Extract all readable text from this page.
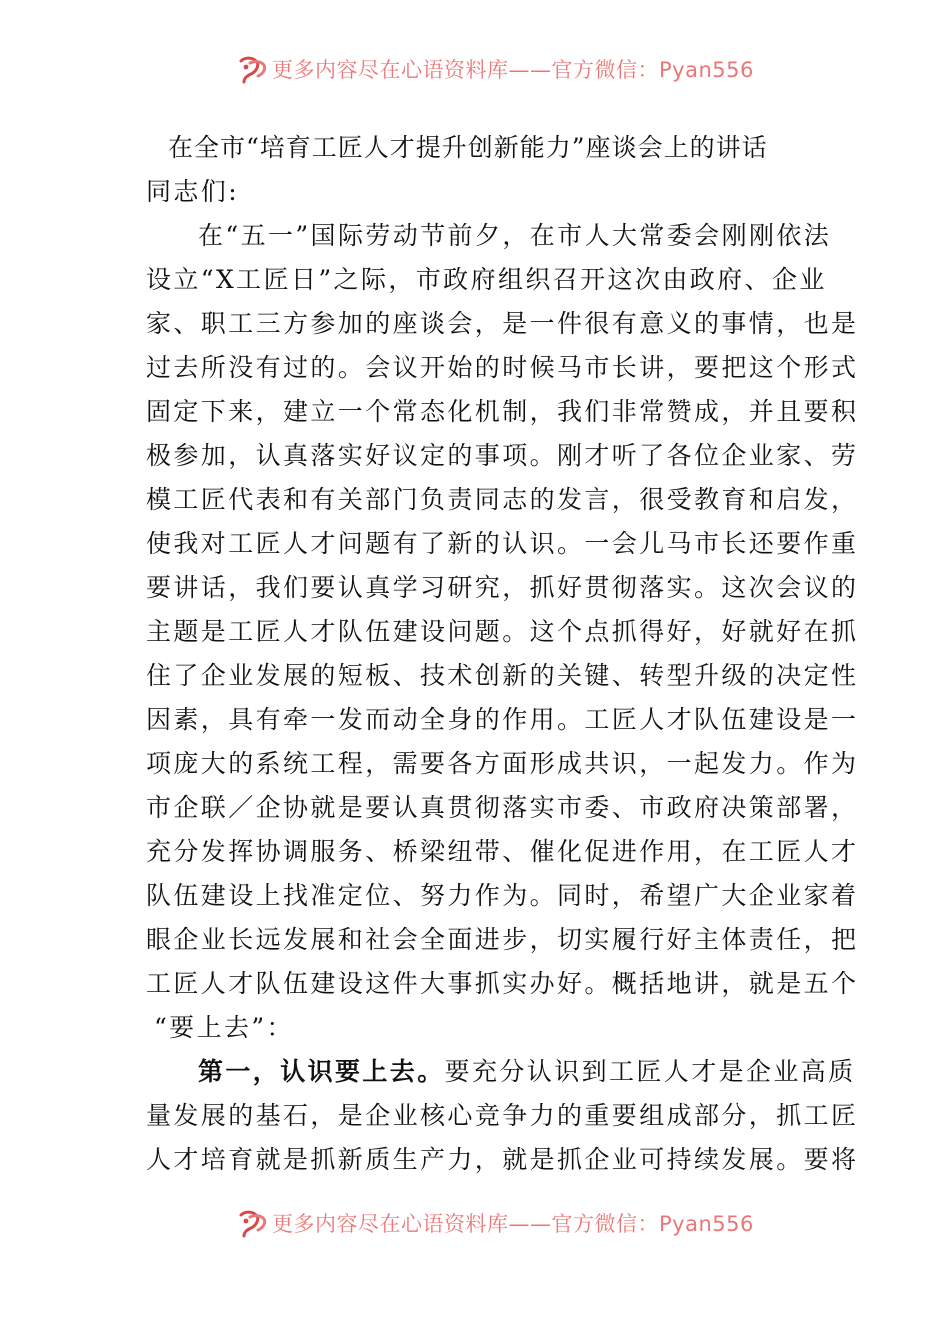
更多内容尽在心语资料库——官方微信：Pyan556
在全市“培育工匠人才提升创新能力”座谈会上的讲话
同志们:
在“五一”国际劳动节前夕，在市人大常委会刚刚依法
设立“X工匠日”之际，市政府组织召开这次由政府、企业
家、职工三方参加的座谈会，是一件很有意义的事情，也是
过去所没有过的。会议开始的时候马市长讲，要把这个形式
固定下来，建立一个常态化机制，我们非常赞成，并且要积
极参加，认真落实好议定的事项。刚才听了各位企业家、劳
模工匠代表和有关部门负责同志的发言，很受教育和启发，
使我对工匠人才问题有了新的认识。一会儿马市长还要作重
要讲话，我们要认真学习研究，抓好贯彻落实。这次会议的
主题是工匠人才队伍建设问题。这个点抓得好，好就好在抓
住了企业发展的短板、技术创新的关键、转型升级的决定性
因素，具有牵一发而动全身的作用。工匠人才队伍建设是一
项庞大的系统工程，需要各方面形成共识，一起发力。作为
市企联／企协就是要认真贯彻落实市委、市政府决策部署，
充分发挥协调服务、桥梁纽带、催化促进作用，在工匠人才
队伍建设上找准定位、努力作为。同时，希望广大企业家着
眼企业长远发展和社会全面进步，切实履行好主体责任，把
工匠人才队伍建设这件大事抓实办好。概括地讲，就是五个
“要上去”：
第一，认识要上去。要充分认识到工匠人才是企业高质
量发展的基石，是企业核心竞争力的重要组成部分，抓工匠
人才培育就是抓新质生产力，就是抓企业可持续发展。要将
更多内容尽在心语资料库——官方微信：Pyan556
